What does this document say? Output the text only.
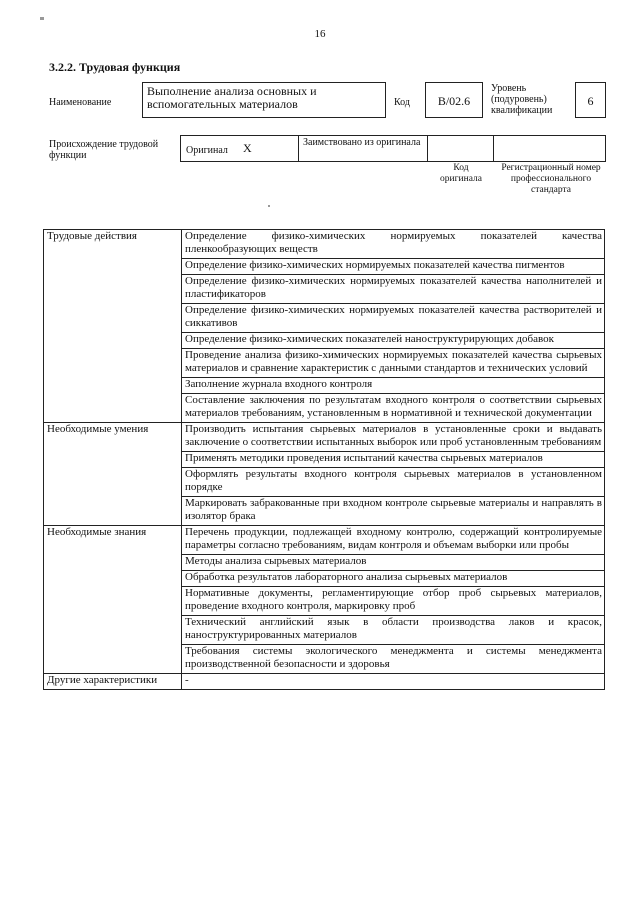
16
3.2.2. Трудовая функция
Наименование
Выполнение анализа основных и вспомогательных материалов	Код	B/02.6
Уровень (подуровень) квалификации
6
Происхождение трудовой функции	Оригинал X	Заимствовано из оригинала
Код оригинала
Регистрационный номер профессионального стандарта
Трудовые действия	Определение физико-химических нормируемых показателей качества пленкообразующих веществ
	Определение физико-химических нормируемых показателей качества пигментов
	Определение физико-химических нормируемых показателей качества наполнителей и пластификаторов
	Определение физико-химических нормируемых показателей качества растворителей и сиккативов
	Определение физико-химических показателей наноструктурирующих добавок
	Проведение анализа физико-химических нормируемых показателей качества сырьевых материалов и сравнение характеристик с данными стандартов и технических условий
	Заполнение журнала входного контроля
	Составление заключения по результатам входного контроля о соответствии сырьевых материалов требованиям, установленным в нормативной и технической документации
Необходимые умения	Производить испытания сырьевых материалов в установленные сроки и выдавать заключение о соответствии испытанных выборок или проб установленным требованиям
	Применять методики проведения испытаний качества сырьевых материалов
	Оформлять результаты входного контроля сырьевых материалов в установленном порядке
	Маркировать забракованные при входном контроле сырьевые материалы и направлять в изолятор брака
Необходимые знания	Перечень продукции, подлежащей входному контролю, содержащий контролируемые параметры согласно требованиям, видам контроля и объемам выборки или пробы
	Методы анализа сырьевых материалов
	Обработка результатов лабораторного анализа сырьевых материалов
	Нормативные документы, регламентирующие отбор проб сырьевых материалов, проведение входного контроля, маркировку проб
	Технический английский язык в области производства лаков и красок, наноструктурированных материалов
	Требования системы экологического менеджмента и системы менеджмента производственной безопасности и здоровья
Другие характеристики	-
